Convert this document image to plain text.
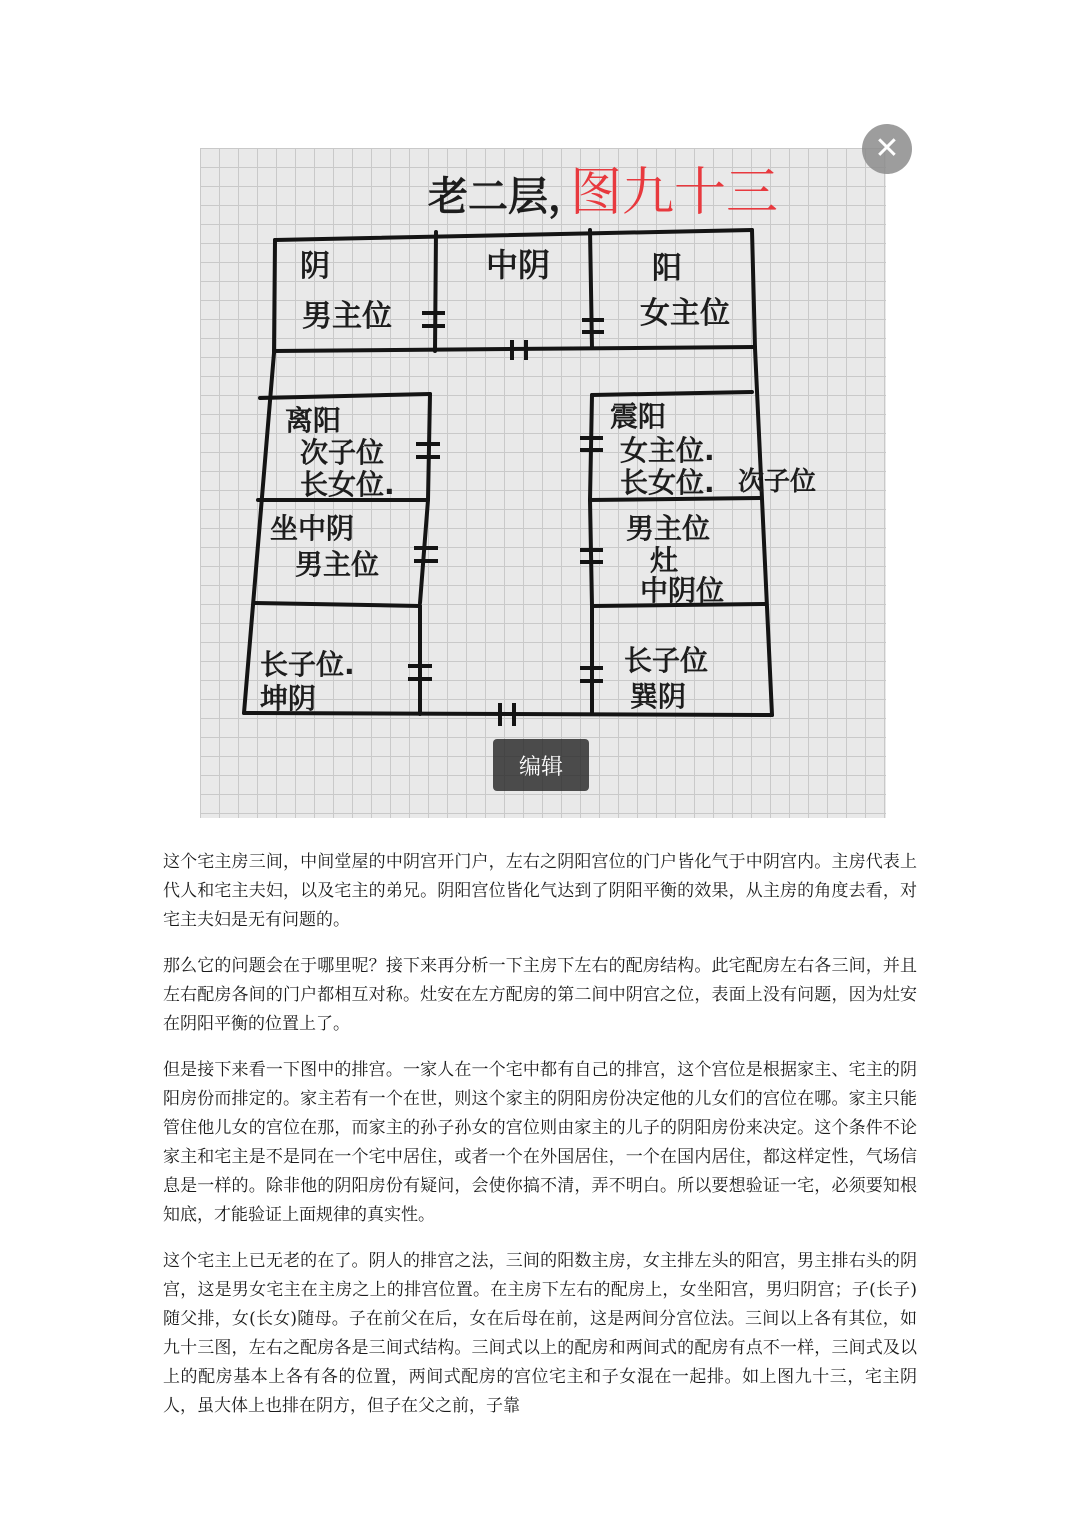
老二层，
图九十三
阴
男主位
中阴	阳
女主位
离阳
次子位
长女位.
坐中阴
男主位
长子位.
坤阴
震阳
女主位.
长女位. 次子位
男主位
灶
中阴位
长子位
巽阴
✕
编辑

这个宅主房三间，中间堂屋的中阴宫开门户，左右之阴阳宫位的门户皆化气于中阴宫内。主房代表上代人和宅主夫妇，以及宅主的弟兄。阴阳宫位皆化气达到了阴阳平衡的效果，从主房的角度去看，对宅主夫妇是无有问题的。

那么它的问题会在于哪里呢？接下来再分析一下主房下左右的配房结构。此宅配房左右各三间，并且左右配房各间的门户都相互对称。灶安在左方配房的第二间中阴宫之位，表面上没有问题，因为灶安在阴阳平衡的位置上了。

但是接下来看一下图中的排宫。一家人在一个宅中都有自己的排宫，这个宫位是根据家主、宅主的阴阳房份而排定的。家主若有一个在世，则这个家主的阴阳房份决定他的儿女们的宫位在哪。家主只能管住他儿女的宫位在那，而家主的孙子孙女的宫位则由家主的儿子的阴阳房份来决定。这个条件不论家主和宅主是不是同在一个宅中居住，或者一个在外国居住，一个在国内居住，都这样定性，气场信息是一样的。除非他的阴阳房份有疑问，会使你搞不清，弄不明白。所以要想验证一宅，必须要知根知底，才能验证上面规律的真实性。

这个宅主上已无老的在了。阴人的排宫之法，三间的阳数主房，女主排左头的阳宫，男主排右头的阴宫，这是男女宅主在主房之上的排宫位置。在主房下左右的配房上，女坐阳宫，男归阴宫；子(长子)随父排，女(长女)随母。子在前父在后，女在后母在前，这是两间分宫位法。三间以上各有其位，如九十三图，左右之配房各是三间式结构。三间式以上的配房和两间式的配房有点不一样，三间式及以上的配房基本上各有各的位置，两间式配房的宫位宅主和子女混在一起排。如上图九十三，宅主阴人，虽大体上也排在阴方，但子在父之前，子靠
